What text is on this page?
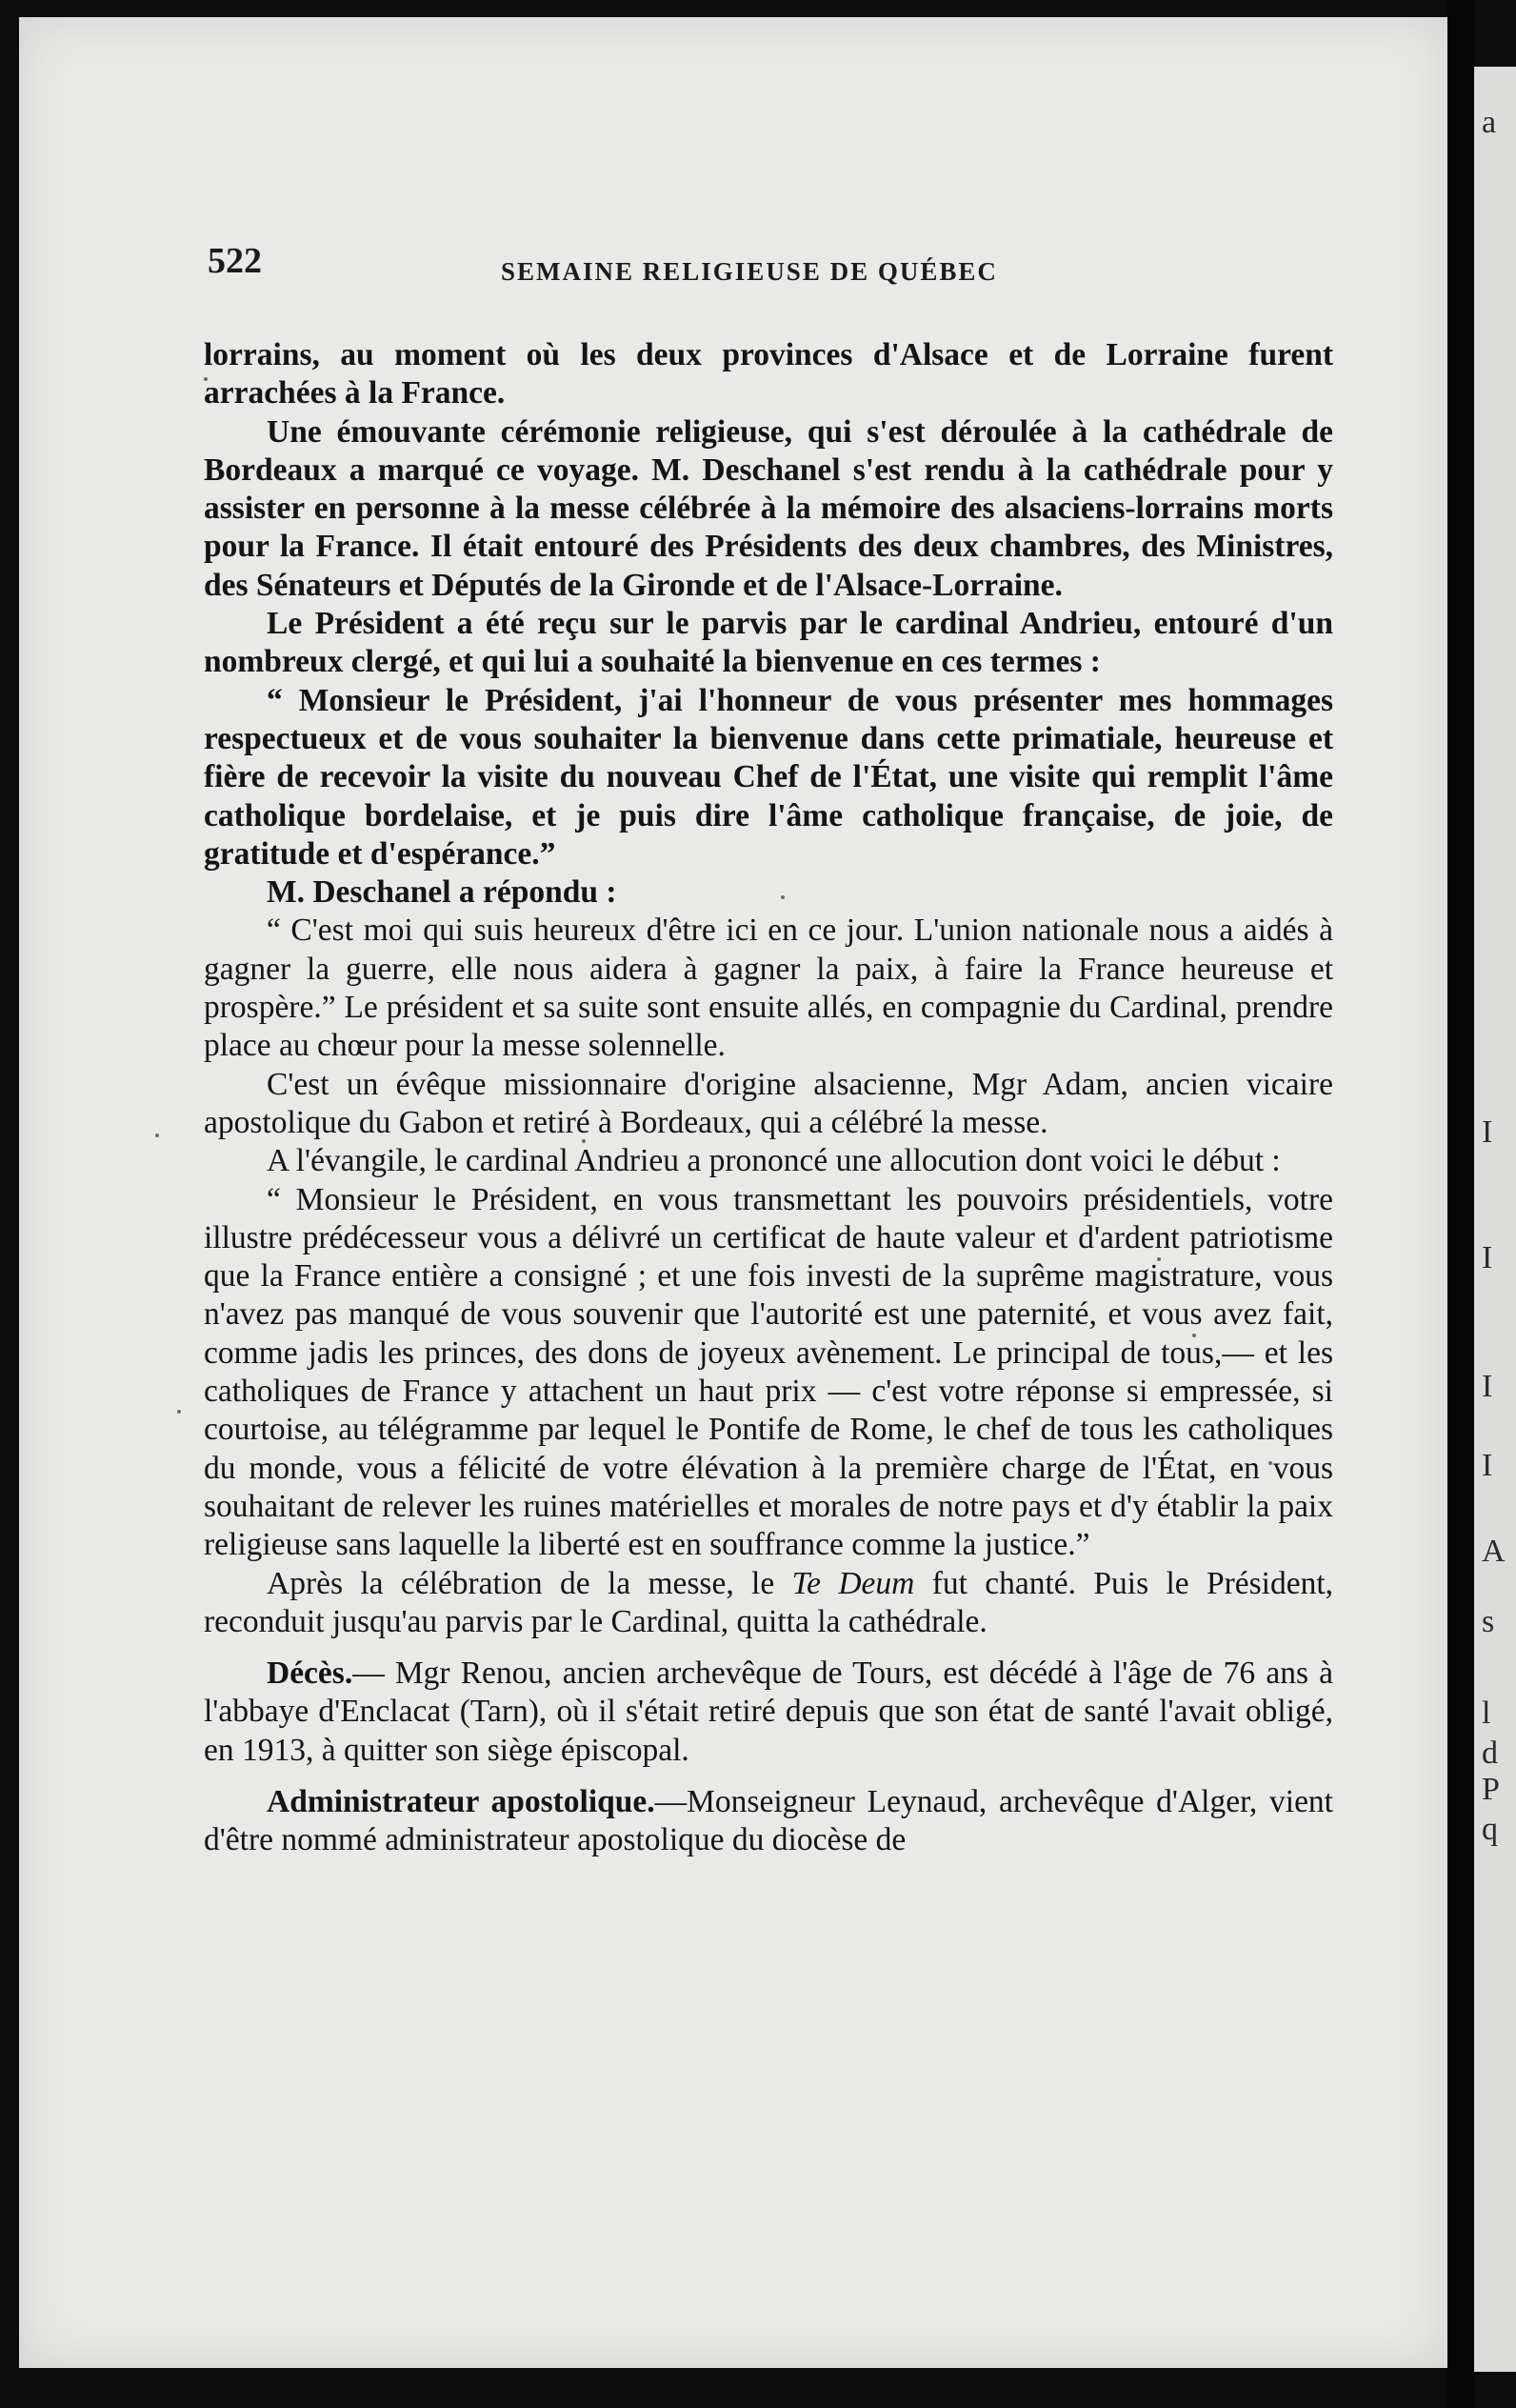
a
I
I
I
I
A
s
l
d
P
q
522	SEMAINE RELIGIEUSE DE QUÉBEC

lorrains, au moment où les deux provinces d'Alsace et de Lorraine furent arrachées à la France.

Une émouvante cérémonie religieuse, qui s'est déroulée à la cathédrale de Bordeaux a marqué ce voyage. M. Deschanel s'est rendu à la cathédrale pour y assister en personne à la messe célébrée à la mémoire des alsaciens-lorrains morts pour la France. Il était entouré des Présidents des deux chambres, des Ministres, des Sénateurs et Députés de la Gironde et de l'Alsace-Lorraine.

Le Président a été reçu sur le parvis par le cardinal Andrieu, entouré d'un nombreux clergé, et qui lui a souhaité la bienvenue en ces termes :

“ Monsieur le Président, j'ai l'honneur de vous présenter mes hommages respectueux et de vous souhaiter la bienvenue dans cette primatiale, heureuse et fière de recevoir la visite du nouveau Chef de l'État, une visite qui remplit l'âme catholique bordelaise, et je puis dire l'âme catholique française, de joie, de gratitude et d'espérance.”

M. Deschanel a répondu :

“ C'est moi qui suis heureux d'être ici en ce jour. L'union nationale nous a aidés à gagner la guerre, elle nous aidera à gagner la paix, à faire la France heureuse et prospère.” Le président et sa suite sont ensuite allés, en compagnie du Cardinal, prendre place au chœur pour la messe solennelle.

C'est un évêque missionnaire d'origine alsacienne, Mgr Adam, ancien vicaire apostolique du Gabon et retiré à Bordeaux, qui a célébré la messe.

A l'évangile, le cardinal Andrieu a prononcé une allocution dont voici le début :

“ Monsieur le Président, en vous transmettant les pouvoirs présidentiels, votre illustre prédécesseur vous a délivré un certificat de haute valeur et d'ardent patriotisme que la France entière a consigné ; et une fois investi de la suprême magistrature, vous n'avez pas manqué de vous souvenir que l'autorité est une paternité, et vous avez fait, comme jadis les princes, des dons de joyeux avènement. Le principal de tous,— et les catholiques de France y attachent un haut prix — c'est votre réponse si empressée, si courtoise, au télégramme par lequel le Pontife de Rome, le chef de tous les catholiques du monde, vous a félicité de votre élévation à la première charge de l'État, en vous souhaitant de relever les ruines matérielles et morales de notre pays et d'y établir la paix religieuse sans laquelle la liberté est en souffrance comme la justice.”

Après la célébration de la messe, le Te Deum fut chanté. Puis le Président, reconduit jusqu'au parvis par le Cardinal, quitta la cathédrale.

Décès.— Mgr Renou, ancien archevêque de Tours, est décédé à l'âge de 76 ans à l'abbaye d'Enclacat (Tarn), où il s'était retiré depuis que son état de santé l'avait obligé, en 1913, à quitter son siège épiscopal.

Administrateur apostolique.—Monseigneur Leynaud, archevêque d'Alger, vient d'être nommé administrateur apostolique du diocèse de
